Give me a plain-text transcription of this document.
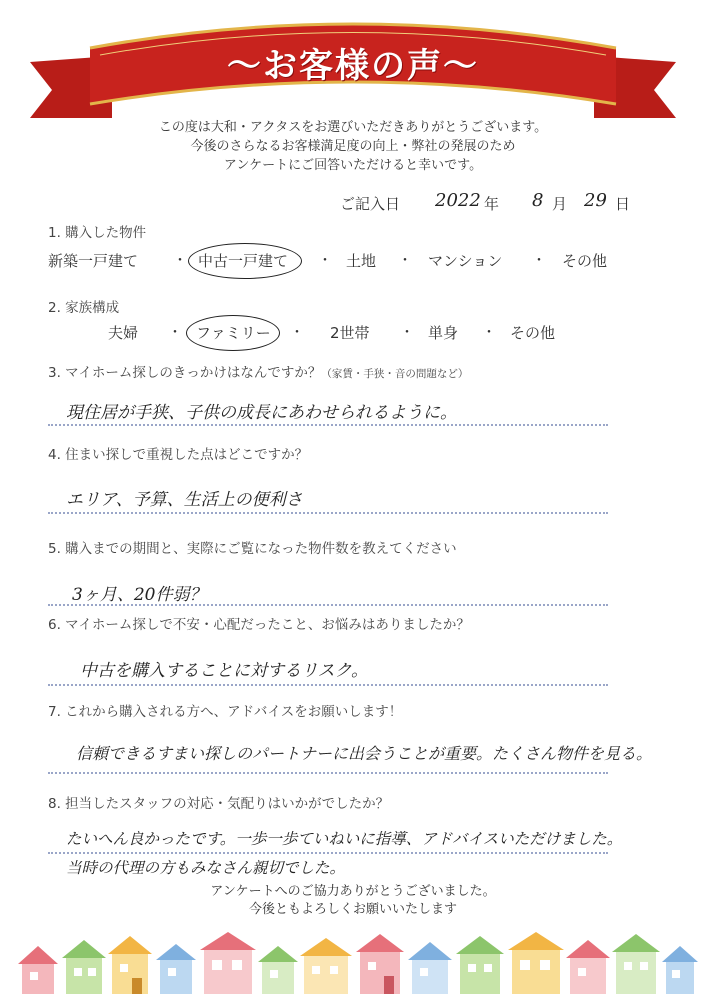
〜お客様の声〜
この度は大和・アクタスをお選びいただきありがとうございます。
今後のさらなるお客様満足度の向上・弊社の発展のため
アンケートにご回答いただけると幸いです。
ご記入日 2022 年 8 月 29 日
1. 購入した物件
新築一戸建て ・ 中古一戸建て ・ 土地 ・ マンション ・ その他
2. 家族構成
夫婦 ・ ファミリー ・ 2世帯 ・ 単身 ・ その他
3. マイホーム探しのきっかけはなんですか？（家賃・手狭・音の問題など）
現住居が手狭、子供の成長にあわせられるように。
4. 住まい探しで重視した点はどこですか？
エリア、予算、生活上の便利さ
5. 購入までの期間と、実際にご覧になった物件数を教えてください
3ヶ月、20件弱？
6. マイホーム探しで不安・心配だったこと、お悩みはありましたか？
中古を購入することに対するリスク。
7. これから購入される方へ、アドバイスをお願いします！
信頼できるすまい探しのパートナーに出会うことが重要。たくさん物件を見る。
8. 担当したスタッフの対応・気配りはいかがでしたか？
たいへん良かったです。一歩一歩ていねいに指導、アドバイスいただけました。
当時の代理の方もみなさん親切でした。
アンケートへのご協力ありがとうございました。
今後ともよろしくお願いいたします
